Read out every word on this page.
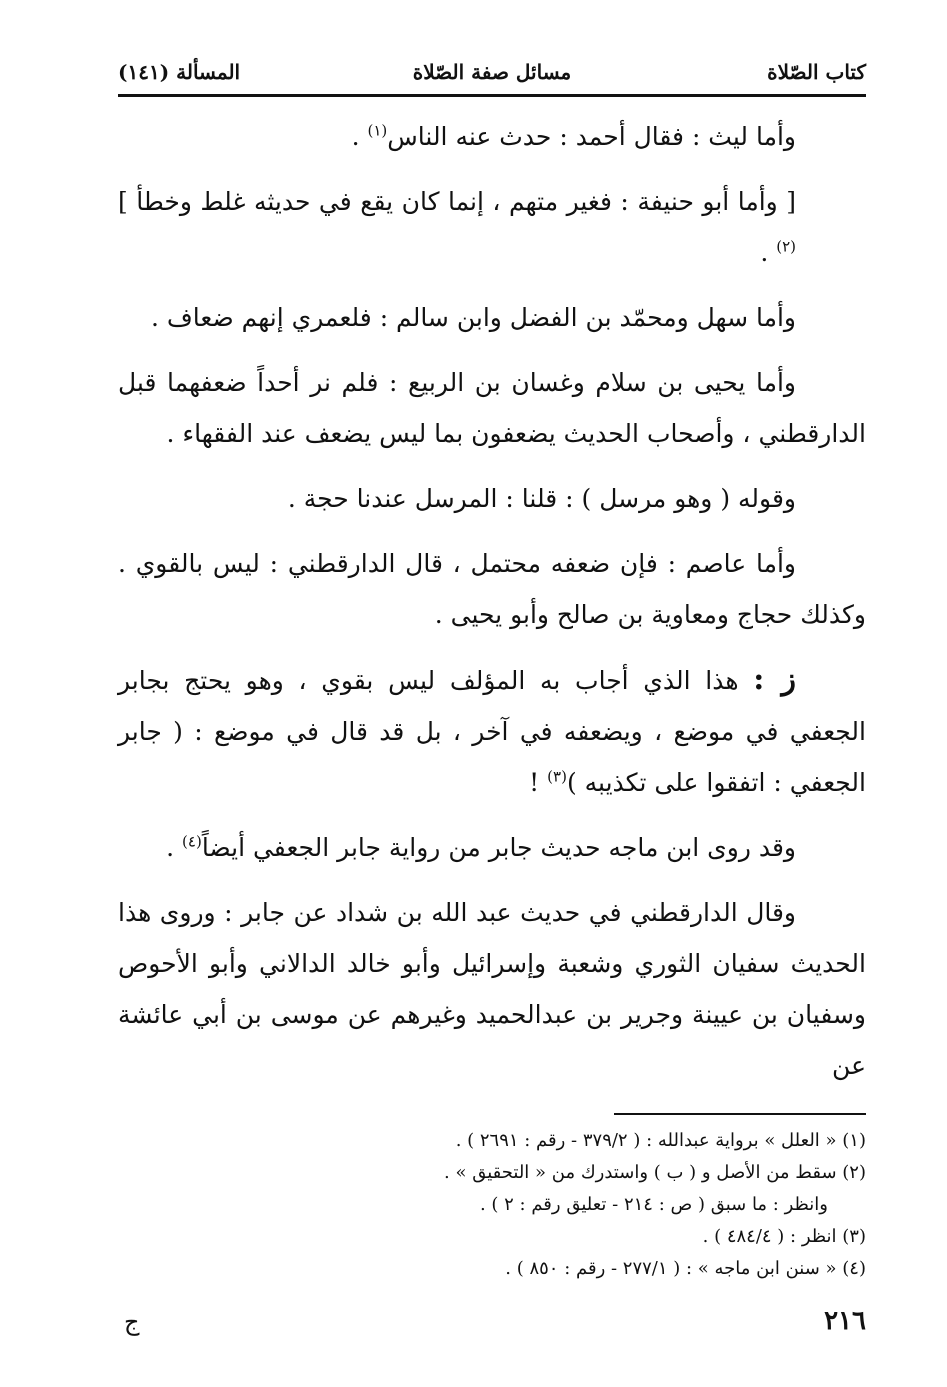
كتاب الصّلاة
مسائل صفة الصّلاة
المسألة (١٤١)

وأما ليث : فقال أحمد : حدث عنه الناس$^{(١)}$ .

[ وأما أبو حنيفة : فغير متهم ، إنما كان يقع في حديثه غلط وخطأ ]$^{(٢)}$ .

وأما سهل ومحمّد بن الفضل وابن سالم : فلعمري إنهم ضعاف .

وأما يحيى بن سلام وغسان بن الربيع : فلم نر أحداً ضعفهما قبل الدارقطني ، وأصحاب الحديث يضعفون بما ليس يضعف عند الفقهاء .

وقوله ( وهو مرسل ) : قلنا : المرسل عندنا حجة .

وأما عاصم : فإن ضعفه محتمل ، قال الدارقطني : ليس بالقوي . وكذلك حجاج ومعاوية بن صالح وأبو يحيى .

ز : هذا الذي أجاب به المؤلف ليس بقوي ، وهو يحتج بجابر الجعفي في موضع ، ويضعفه في آخر ، بل قد قال في موضع : ( جابر الجعفي : اتفقوا على تكذيبه )$^{(٣)}$ !

وقد روى ابن ماجه حديث جابر من رواية جابر الجعفي أيضاً$^{(٤)}$ .

وقال الدارقطني في حديث عبد الله بن شداد عن جابر : وروى هذا الحديث سفيان الثوري وشعبة وإسرائيل وأبو خالد الدالاني وأبو الأحوص وسفيان بن عيينة وجرير بن عبدالحميد وغيرهم عن موسى بن أبي عائشة عن

(١) « العلل » برواية عبدالله : ( ٣٧٩/٢ - رقم : ٢٦٩١ ) .

(٢) سقط من الأصل و ( ب ) واستدرك من « التحقيق » .

وانظر : ما سبق ( ص : ٢١٤ - تعليق رقم : ٢ ) .

(٣) انظر : ( ٤٨٤/٤ ) .

(٤) « سنن ابن ماجه » : ( ٢٧٧/١ - رقم : ٨٥٠ ) .

٢١٦
ج
